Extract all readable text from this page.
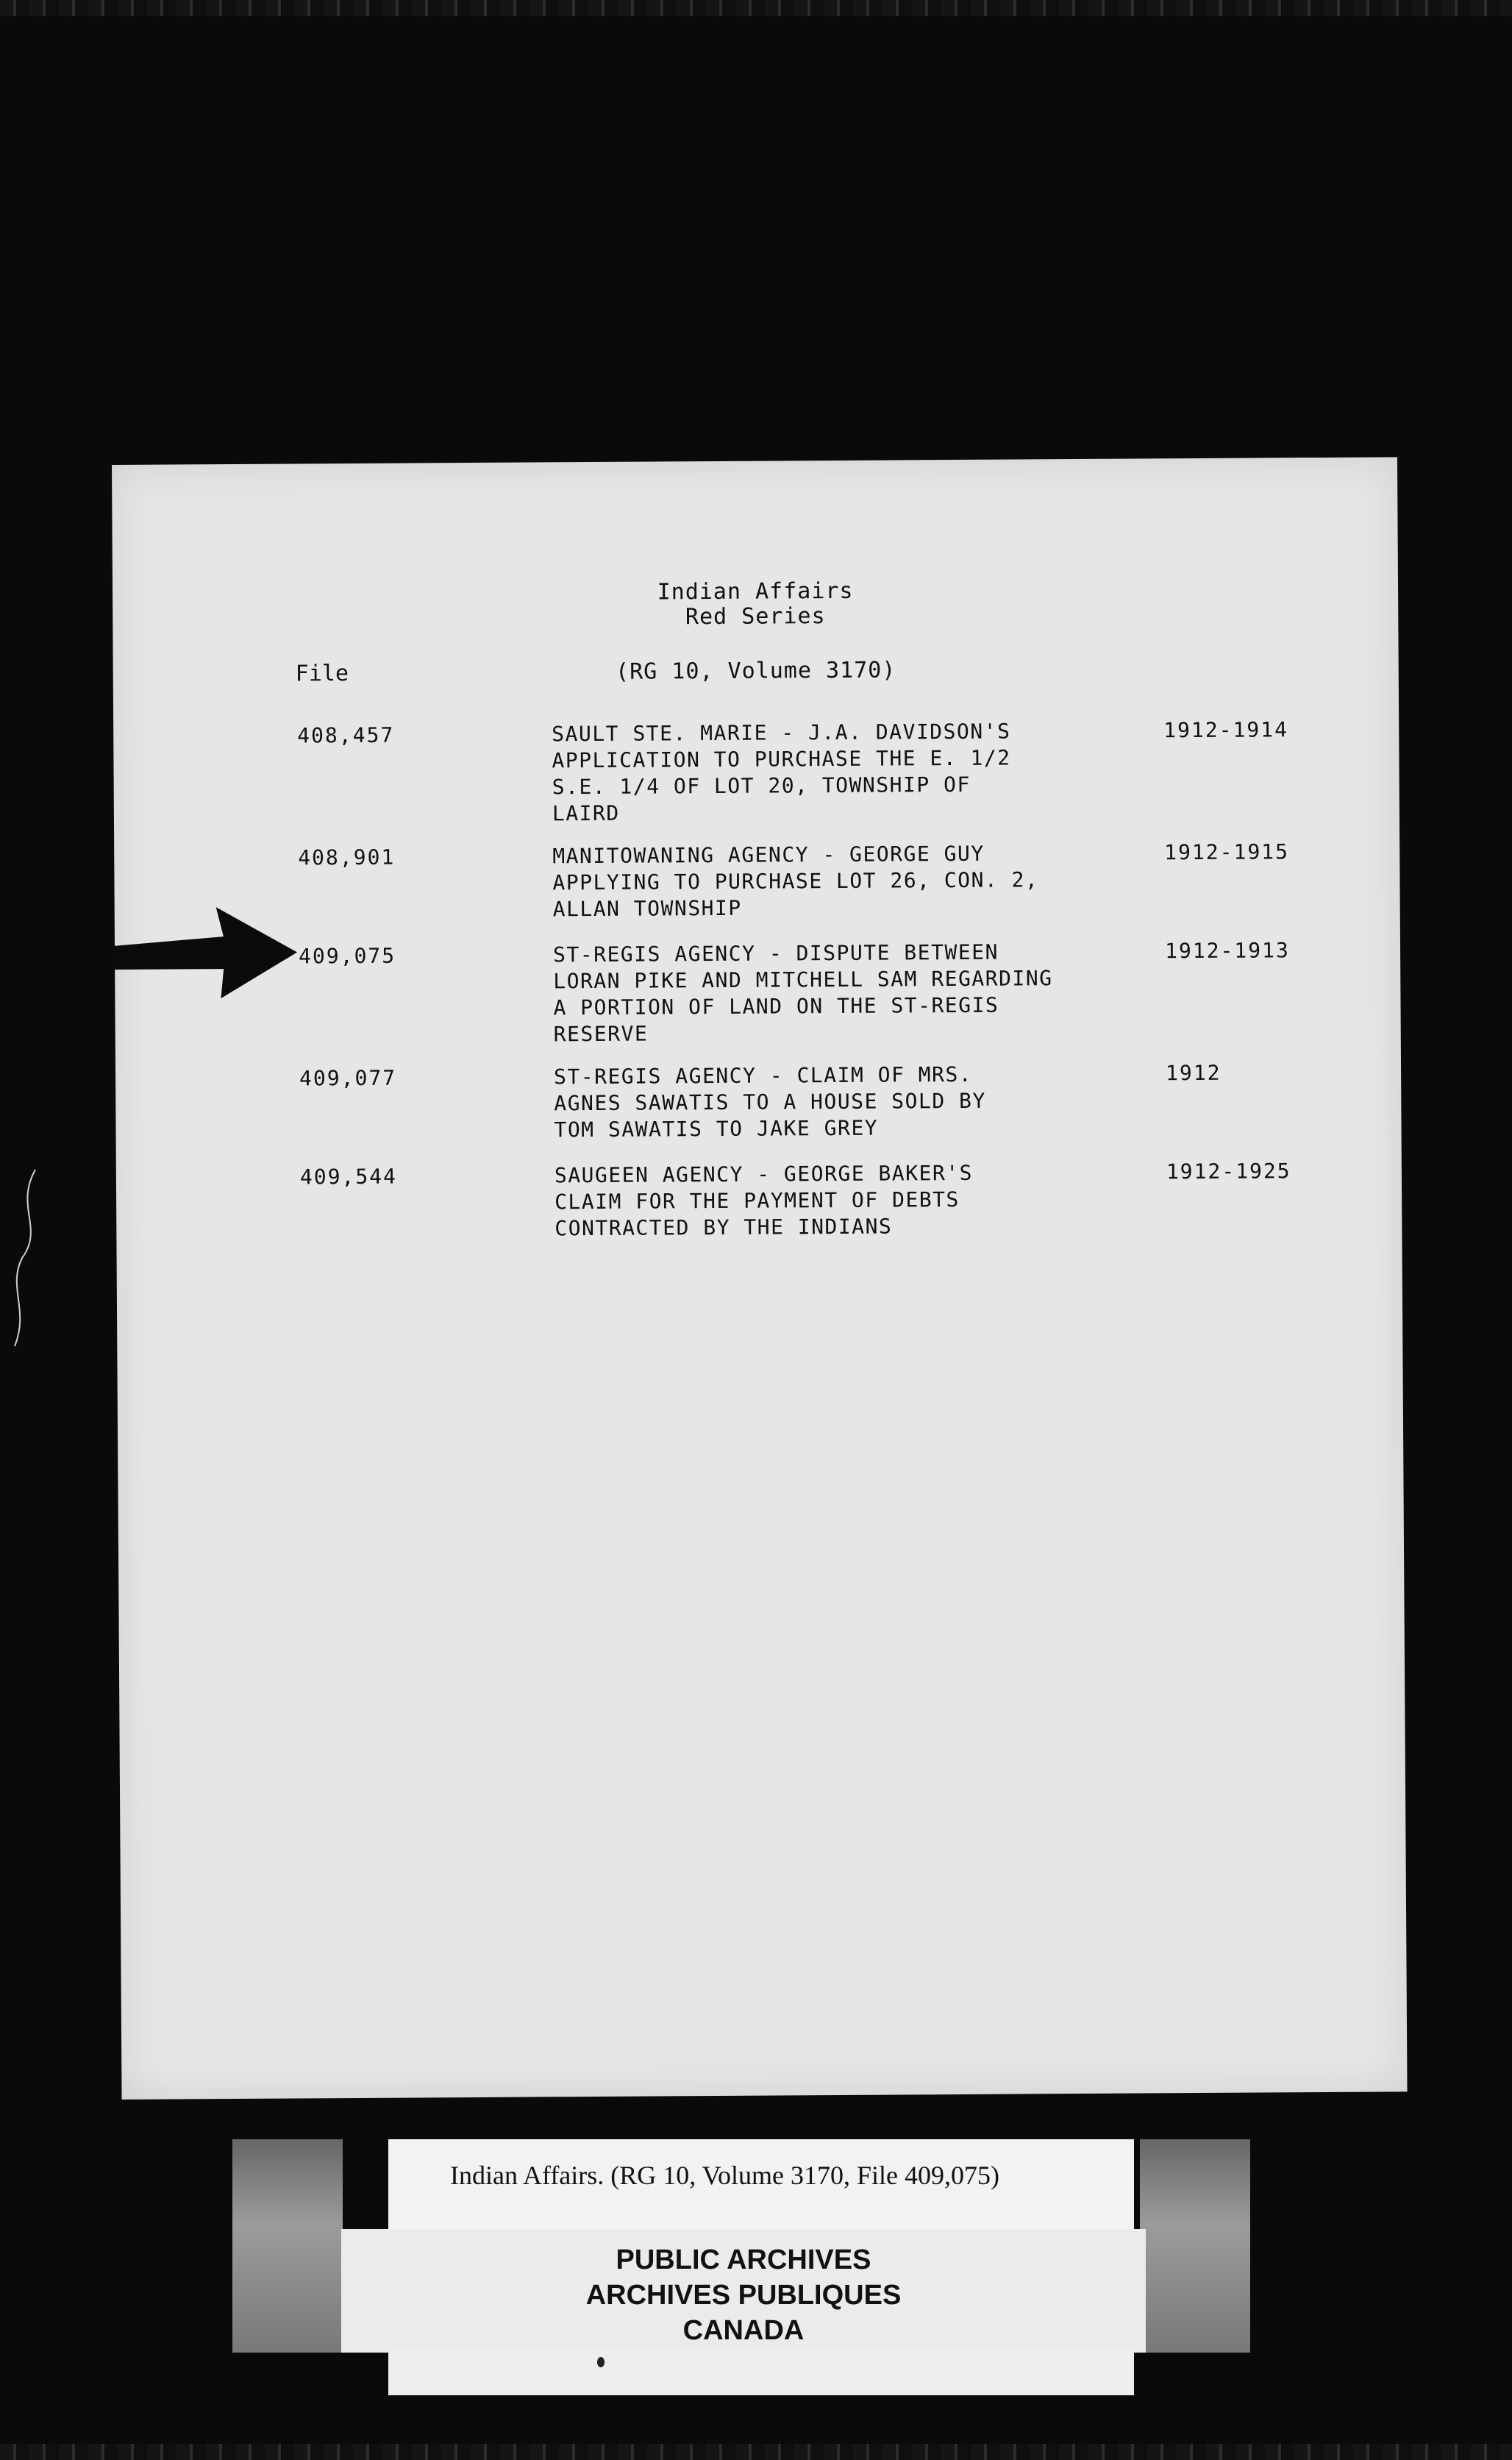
Indian Affairs
Red Series
File	(RG 10, Volume 3170)
408,457	SAULT STE. MARIE - J.A. DAVIDSON'S
APPLICATION TO PURCHASE THE E. 1/2
S.E. 1/4 OF LOT 20, TOWNSHIP OF
LAIRD
1912-1914
408,901	MANITOWANING AGENCY - GEORGE GUY
APPLYING TO PURCHASE LOT 26, CON. 2,
ALLAN TOWNSHIP
1912-1915
409,075	ST-REGIS AGENCY - DISPUTE BETWEEN
LORAN PIKE AND MITCHELL SAM REGARDING
A PORTION OF LAND ON THE ST-REGIS
RESERVE
1912-1913
409,077	ST-REGIS AGENCY - CLAIM OF MRS.
AGNES SAWATIS TO A HOUSE SOLD BY
TOM SAWATIS TO JAKE GREY
1912
409,544	SAUGEEN AGENCY - GEORGE BAKER'S
CLAIM FOR THE PAYMENT OF DEBTS
CONTRACTED BY THE INDIANS
1912-1925
Indian Affairs. (RG 10, Volume 3170, File 409,075)
PUBLIC ARCHIVES
ARCHIVES PUBLIQUES
CANADA
